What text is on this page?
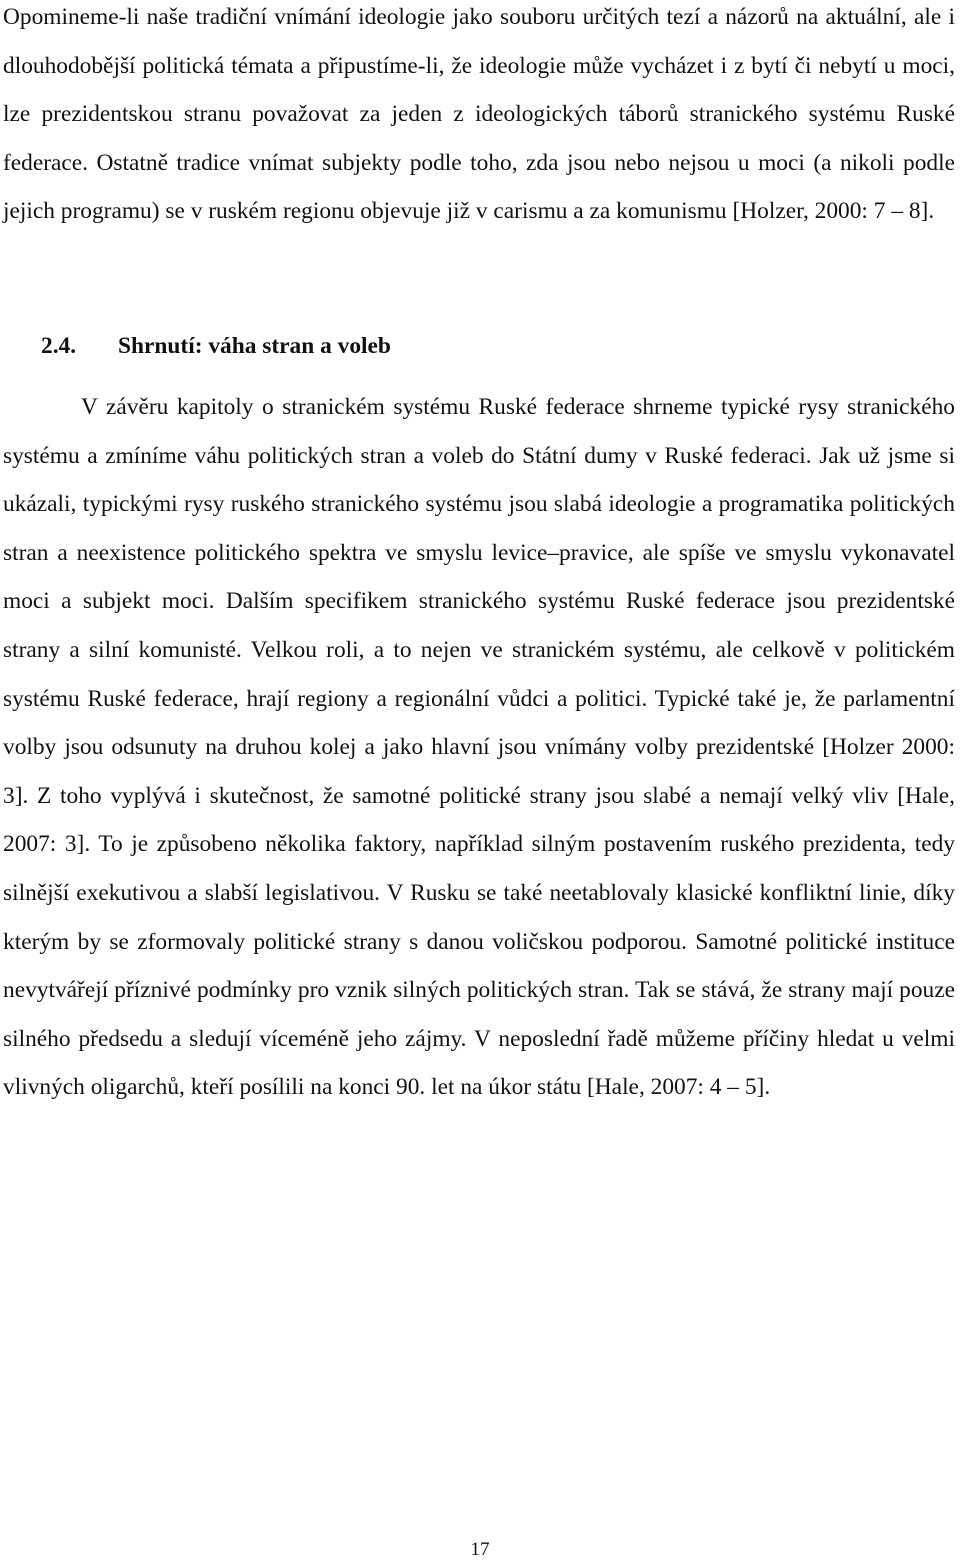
Opomineme-li naše tradiční vnímání ideologie jako souboru určitých tezí a názorů na aktuální, ale i dlouhodobější politická témata a připustíme-li, že ideologie může vycházet i z bytí či nebytí u moci, lze prezidentskou stranu považovat za jeden z ideologických táborů stranického systému Ruské federace. Ostatně tradice vnímat subjekty podle toho, zda jsou nebo nejsou u moci (a nikoli podle jejich programu) se v ruském regionu objevuje již v carismu a za komunismu [Holzer, 2000: 7 – 8].

2.4. Shrnutí: váha stran a voleb

V závěru kapitoly o stranickém systému Ruské federace shrneme typické rysy stranického systému a zmíníme váhu politických stran a voleb do Státní dumy v Ruské federaci. Jak už jsme si ukázali, typickými rysy ruského stranického systému jsou slabá ideologie a programatika politických stran a neexistence politického spektra ve smyslu levice–pravice, ale spíše ve smyslu vykonavatel moci a subjekt moci. Dalším specifikem stranického systému Ruské federace jsou prezidentské strany a silní komunisté. Velkou roli, a to nejen ve stranickém systému, ale celkově v politickém systému Ruské federace, hrají regiony a regionální vůdci a politici. Typické také je, že parlamentní volby jsou odsunuty na druhou kolej a jako hlavní jsou vnímány volby prezidentské [Holzer 2000: 3]. Z toho vyplývá i skutečnost, že samotné politické strany jsou slabé a nemají velký vliv [Hale, 2007: 3]. To je způsobeno několika faktory, například silným postavením ruského prezidenta, tedy silnější exekutivou a slabší legislativou. V Rusku se také neetablovaly klasické konfliktní linie, díky kterým by se zformovaly politické strany s danou voličskou podporou. Samotné politické instituce nevytvářejí příznivé podmínky pro vznik silných politických stran. Tak se stává, že strany mají pouze silného předsedu a sledují víceméně jeho zájmy. V neposlední řadě můžeme příčiny hledat u velmi vlivných oligarchů, kteří posílili na konci 90. let na úkor státu [Hale, 2007: 4 – 5].

17
